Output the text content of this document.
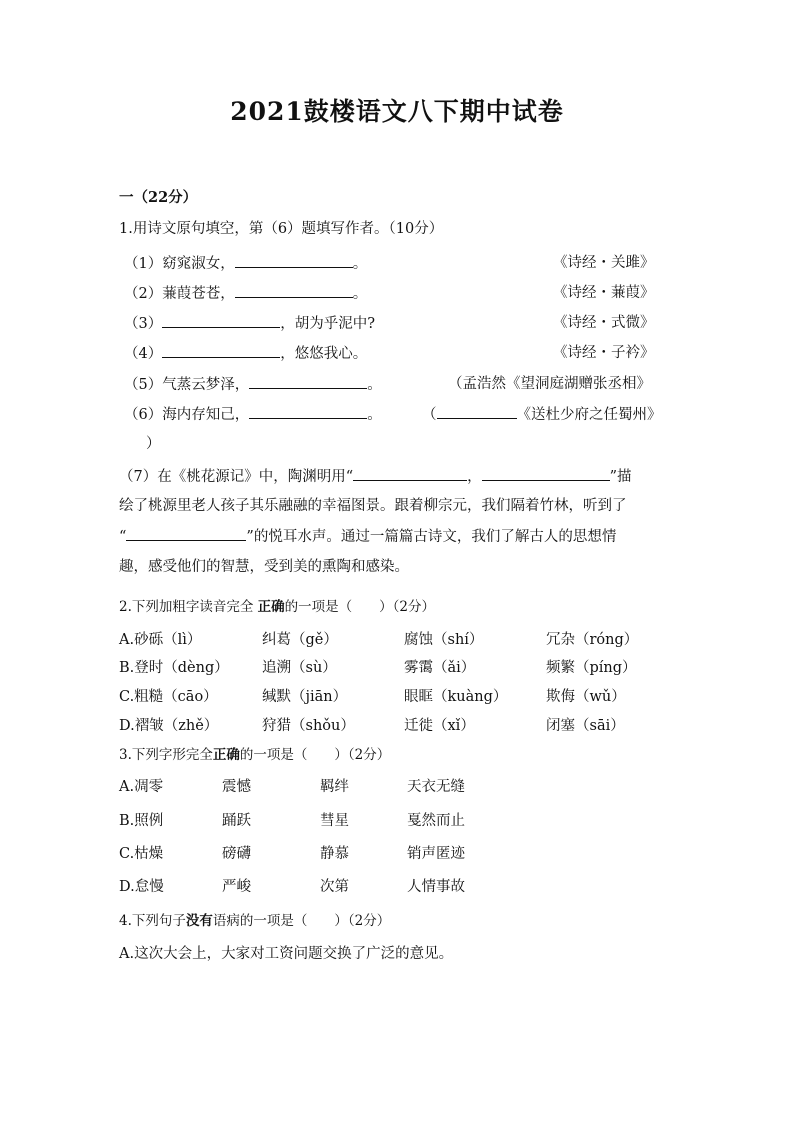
2021鼓楼语文八下期中试卷
一（22分）
1.用诗文原句填空，第（6）题填写作者。（10分）
（1）窈窕淑女，	。	《诗经・关雎》
（2）蒹葭苍苍，	。	《诗经・蒹葭》
（3）	，胡为乎泥中?	《诗经・式微》
（4）	，悠悠我心。	《诗经・子衿》
（5）气蒸云梦泽，	。	（孟浩然《望洞庭湖赠张丞相》
（6）海内存知己，	。	（	《送杜少府之任蜀州》
）
（7）在《桃花源记》中，陶渊明用“	，	”描
绘了桃源里老人孩子其乐融融的幸福图景。跟着柳宗元，我们隔着竹林，听到了
“	”的悦耳水声。通过一篇篇古诗文，我们了解古人的思想情
趣，感受他们的智慧，受到美的熏陶和感染。
2.下列加粗字读音完全 正确的一项是（　　）（2分）
A.砂砾（lì）	纠葛（gě）	腐蚀（shí）	冗杂（róng）
B.登时（dèng） 追溯（sù）	雾霭（ǎi）	频繁（píng）
C.粗糙（cāo）	缄默（jiān）	眼眶（kuàng）	欺侮（wǔ）
D.褶皱（zhě）	狩猎（shǒu）	迁徙（xǐ）	闭塞（sāi）
3.下列字形完全正确的一项是（　　）（2分）
A.凋零	震憾	羁绊	天衣无缝
B.照例	踊跃	彗星	戛然而止
C.枯燥	磅礴	静慕	销声匿迹
D.怠慢	严峻	次第	人情事故
4.下列句子没有语病的一项是（　　）（2分）
A.这次大会上，大家对工资问题交换了广泛的意见。
